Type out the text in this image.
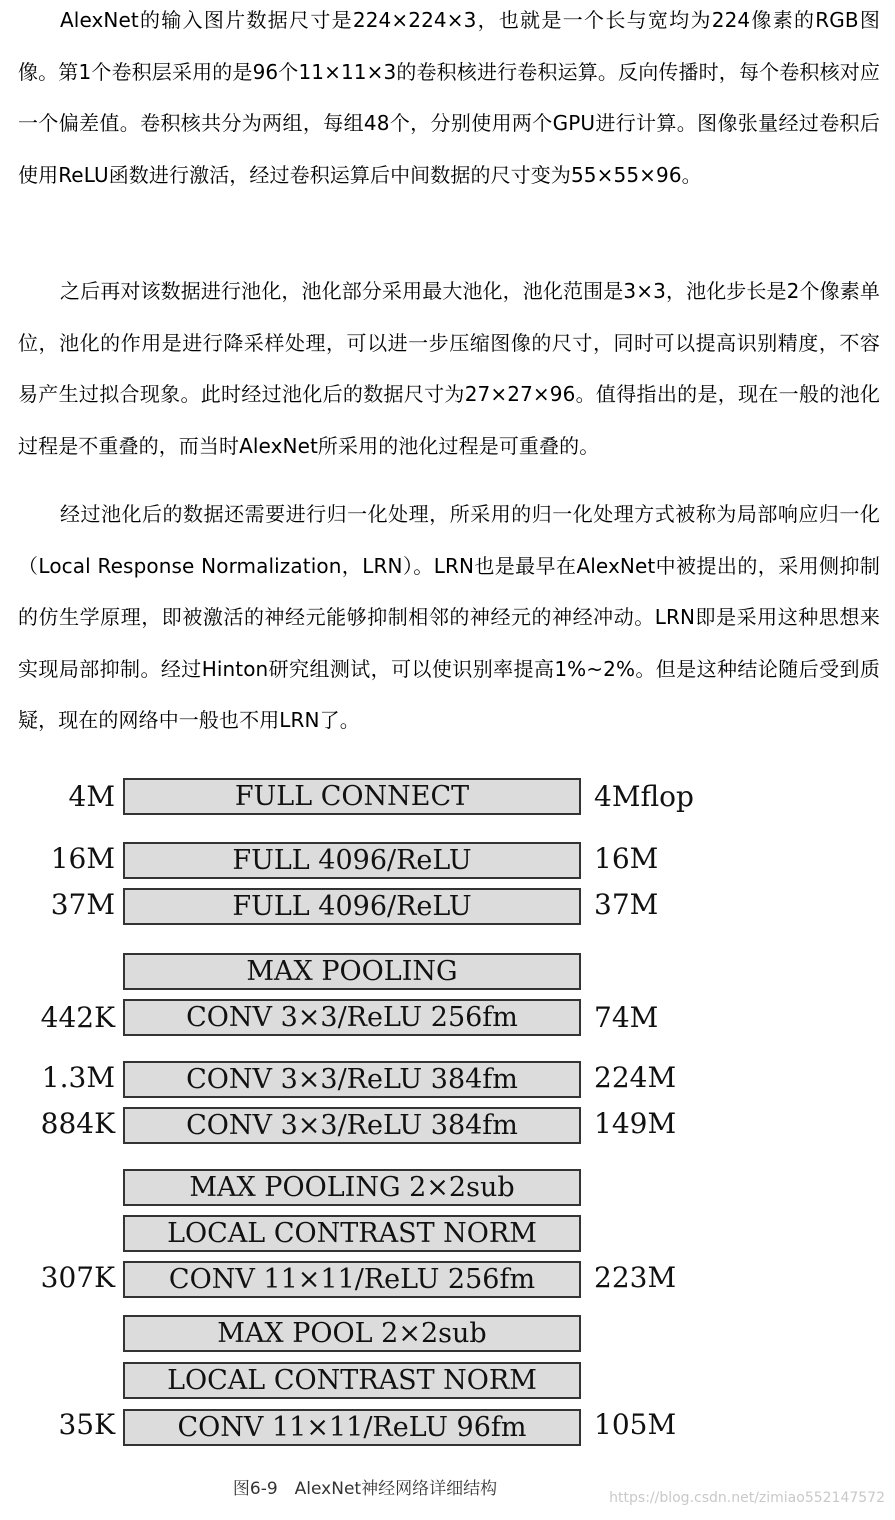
AlexNet的输入图片数据尺寸是224×224×3，也就是一个长与宽均为224像素的RGB图像。第1个卷积层采用的是96个11×11×3的卷积核进行卷积运算。反向传播时，每个卷积核对应一个偏差值。卷积核共分为两组，每组48个，分别使用两个GPU进行计算。图像张量经过卷积后使用ReLU函数进行激活，经过卷积运算后中间数据的尺寸变为55×55×96。

之后再对该数据进行池化，池化部分采用最大池化，池化范围是3×3，池化步长是2个像素单位，池化的作用是进行降采样处理，可以进一步压缩图像的尺寸，同时可以提高识别精度，不容易产生过拟合现象。此时经过池化后的数据尺寸为27×27×96。值得指出的是，现在一般的池化过程是不重叠的，而当时AlexNet所采用的池化过程是可重叠的。

经过池化后的数据还需要进行归一化处理，所采用的归一化处理方式被称为局部响应归一化（Local Response Normalization，LRN）。LRN也是最早在AlexNet中被提出的，采用侧抑制的仿生学原理，即被激活的神经元能够抑制相邻的神经元的神经冲动。LRN即是采用这种思想来实现局部抑制。经过Hinton研究组测试，可以使识别率提高1%~2%。但是这种结论随后受到质疑，现在的网络中一般也不用LRN了。

4M	FULL CONNECT	4Mflop
16M	FULL 4096/ReLU	16M
37M	FULL 4096/ReLU	37M
MAX POOLING
442K	CONV 3×3/ReLU 256fm	74M
1.3M	CONV 3×3/ReLU 384fm	224M
884K	CONV 3×3/ReLU 384fm	149M
MAX POOLING 2×2sub
LOCAL CONTRAST NORM
307K	CONV 11×11/ReLU 256fm	223M
MAX POOL 2×2sub
LOCAL CONTRAST NORM
35K	CONV 11×11/ReLU 96fm	105M
图6-9　AlexNet神经网络详细结构	https://blog.csdn.net/zimiao552147572
